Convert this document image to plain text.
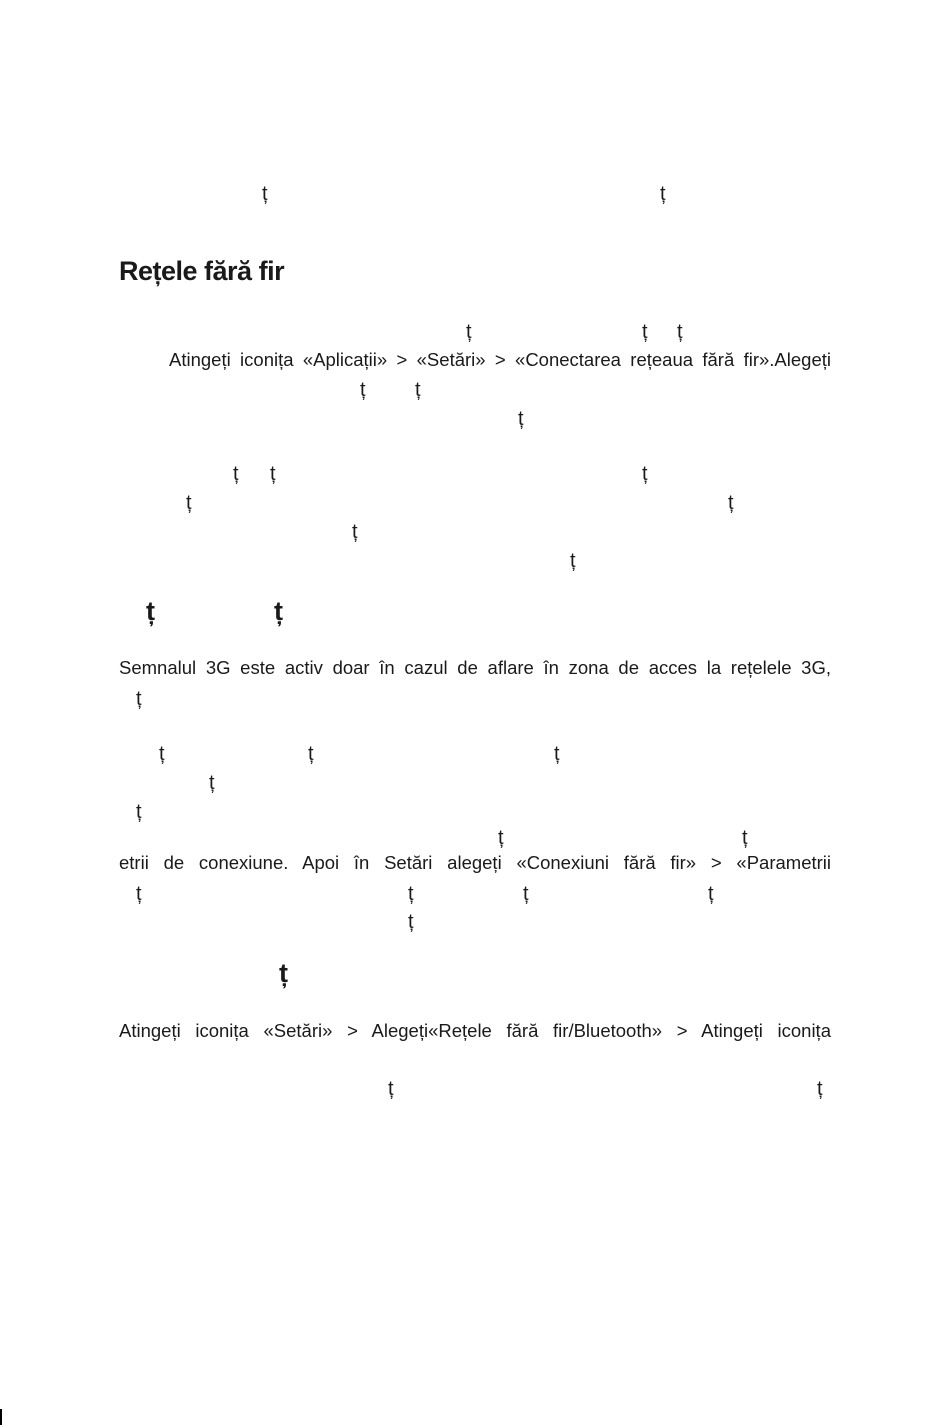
ț	ț
Rețele fără fir
ț	ț ț
Atingeți iconița «Aplicații» > «Setări» > «Conectarea rețeaua fără fir».Alegeți
ț ț
ț
ț ț	ț
ț	ț
ț
ț
ț	ț
Semnalul 3G este activ doar în cazul de aflare în zona de acces la rețelele 3G,
ț
ț	ț	ț
ț
ț
ț	ț
etrii de conexiune. Apoi în Setări alegeți «Conexiuni fără fir» > «Parametrii
ț	ț	ț	ț
ț
ț
Atingeți iconița «Setări» > Alegeți«Rețele fără fir/Bluetooth» > Atingeți iconița
ț	ț
